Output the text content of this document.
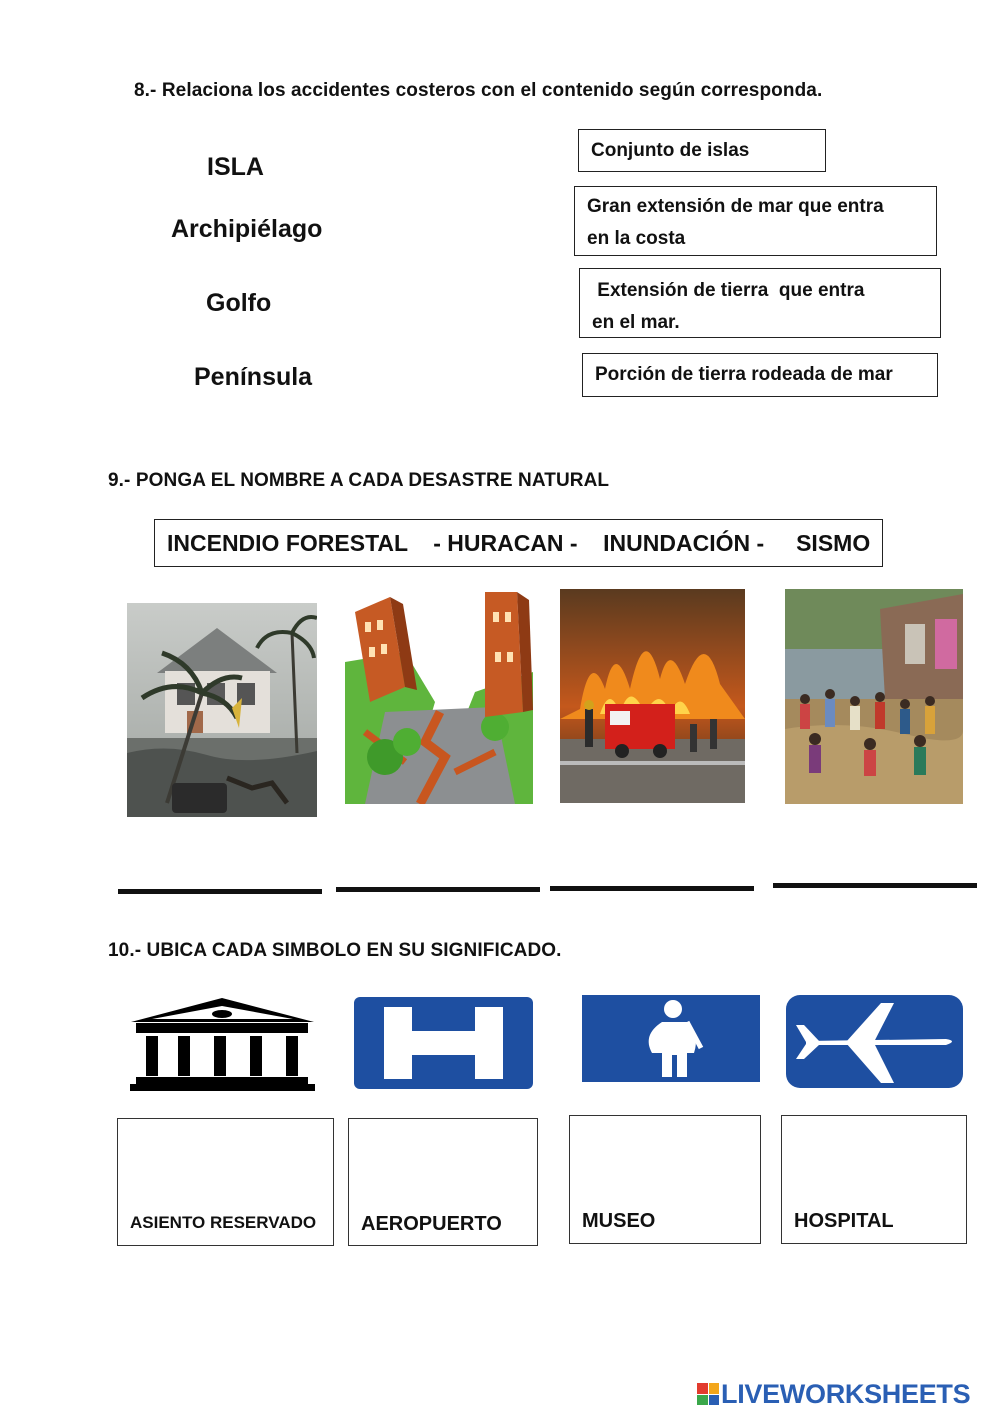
8.- Relaciona los accidentes costeros con el contenido según corresponda.
ISLA
Archipiélago
Golfo
Península
Conjunto de islas
Gran extensión de mar que entra
en la costa
Extensión de tierra  que entra
en el mar.
Porción de tierra rodeada de mar
9.- PONGA EL NOMBRE A CADA DESASTRE NATURAL
INCENDIO FORESTAL    - HURACAN -    INUNDACIÓN -     SISMO
10.- UBICA CADA SIMBOLO EN SU SIGNIFICADO.
ASIENTO RESERVADO AEROPUERTO	MUSEO	HOSPITAL
LIVEWORKSHEETS
